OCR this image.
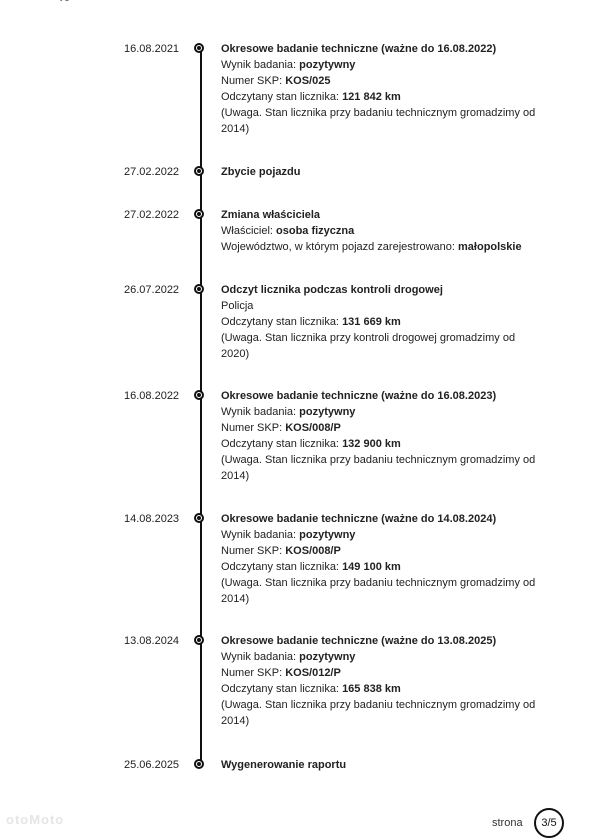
16.08.2021	Okresowe badanie techniczne (ważne do 16.08.2022)
Wynik badania: pozytywny
Numer SKP: KOS/025
Odczytany stan licznika: 121 842 km
(Uwaga. Stan licznika przy badaniu technicznym gromadzimy od 2014)
27.02.2022	Zbycie pojazdu
27.02.2022	Zmiana właściciela
Właściciel: osoba fizyczna
Województwo, w którym pojazd zarejestrowano: małopolskie
26.07.2022	Odczyt licznika podczas kontroli drogowej
Policja
Odczytany stan licznika: 131 669 km
(Uwaga. Stan licznika przy kontroli drogowej gromadzimy od 2020)
16.08.2022	Okresowe badanie techniczne (ważne do 16.08.2023)
Wynik badania: pozytywny
Numer SKP: KOS/008/P
Odczytany stan licznika: 132 900 km
(Uwaga. Stan licznika przy badaniu technicznym gromadzimy od 2014)
14.08.2023	Okresowe badanie techniczne (ważne do 14.08.2024)
Wynik badania: pozytywny
Numer SKP: KOS/008/P
Odczytany stan licznika: 149 100 km
(Uwaga. Stan licznika przy badaniu technicznym gromadzimy od 2014)
13.08.2024	Okresowe badanie techniczne (ważne do 13.08.2025)
Wynik badania: pozytywny
Numer SKP: KOS/012/P
Odczytany stan licznika: 165 838 km
(Uwaga. Stan licznika przy badaniu technicznym gromadzimy od 2014)
25.06.2025	Wygenerowanie raportu
otoMoto	strona	3/5
